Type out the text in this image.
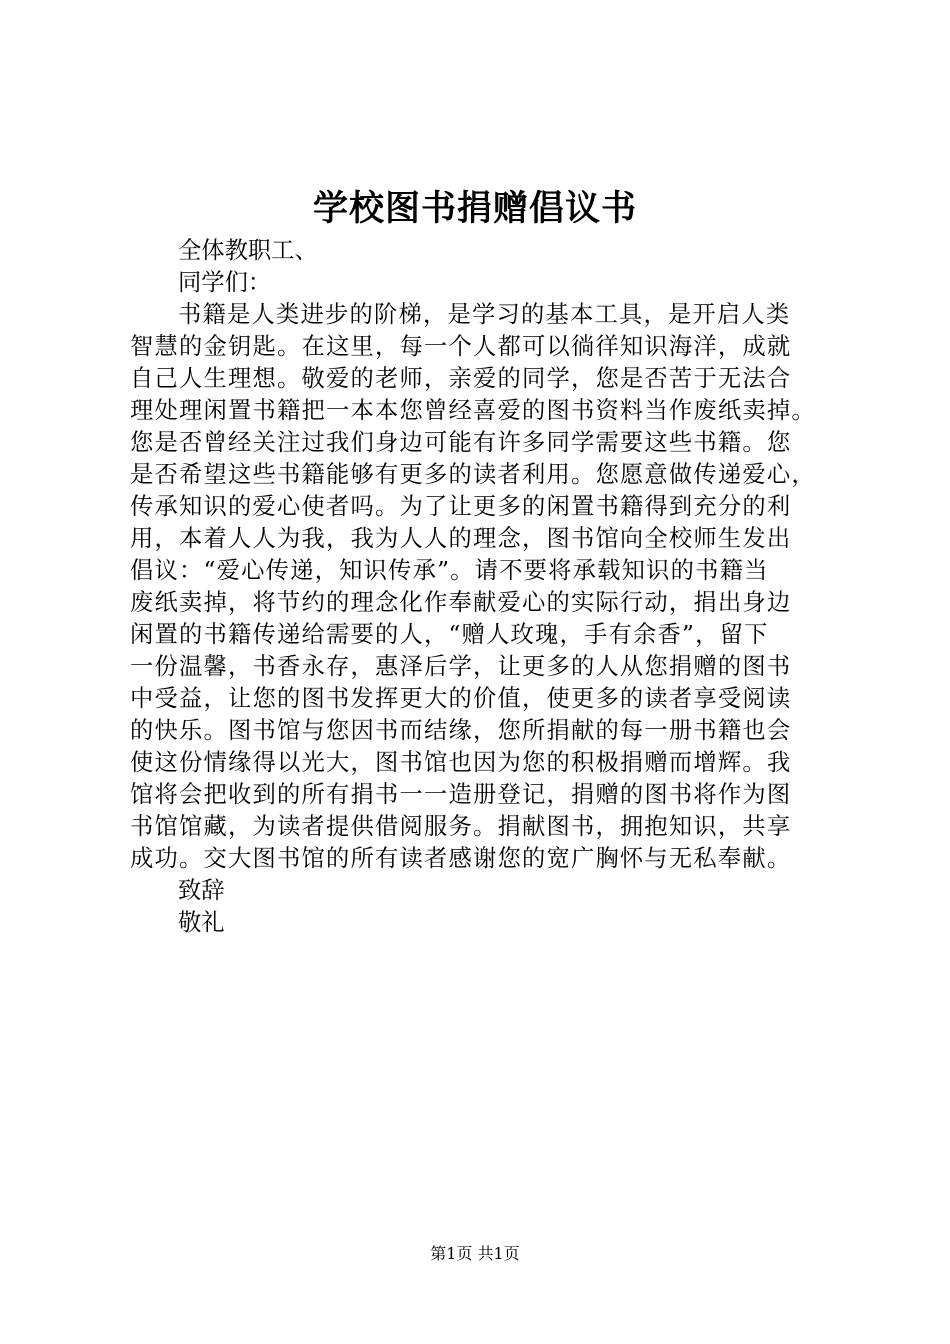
学校图书捐赠倡议书
全体教职工、
同学们：
书籍是人类进步的阶梯，是学习的基本工具，是开启人类
智慧的金钥匙。在这里，每一个人都可以徜徉知识海洋，成就
自己人生理想。敬爱的老师，亲爱的同学，您是否苦于无法合
理处理闲置书籍把一本本您曾经喜爱的图书资料当作废纸卖掉。
您是否曾经关注过我们身边可能有许多同学需要这些书籍。您
是否希望这些书籍能够有更多的读者利用。您愿意做传递爱心，
传承知识的爱心使者吗。为了让更多的闲置书籍得到充分的利
用，本着人人为我，我为人人的理念，图书馆向全校师生发出
倡议：“爱心传递，知识传承”。请不要将承载知识的书籍当
废纸卖掉，将节约的理念化作奉献爱心的实际行动，捐出身边
闲置的书籍传递给需要的人，“赠人玫瑰，手有余香”，留下
一份温馨，书香永存，惠泽后学，让更多的人从您捐赠的图书
中受益，让您的图书发挥更大的价值，使更多的读者享受阅读
的快乐。图书馆与您因书而结缘，您所捐献的每一册书籍也会
使这份情缘得以光大，图书馆也因为您的积极捐赠而增辉。我
馆将会把收到的所有捐书一一造册登记，捐赠的图书将作为图
书馆馆藏，为读者提供借阅服务。捐献图书，拥抱知识，共享
成功。交大图书馆的所有读者感谢您的宽广胸怀与无私奉献。
致辞
敬礼
第1页 共1页
